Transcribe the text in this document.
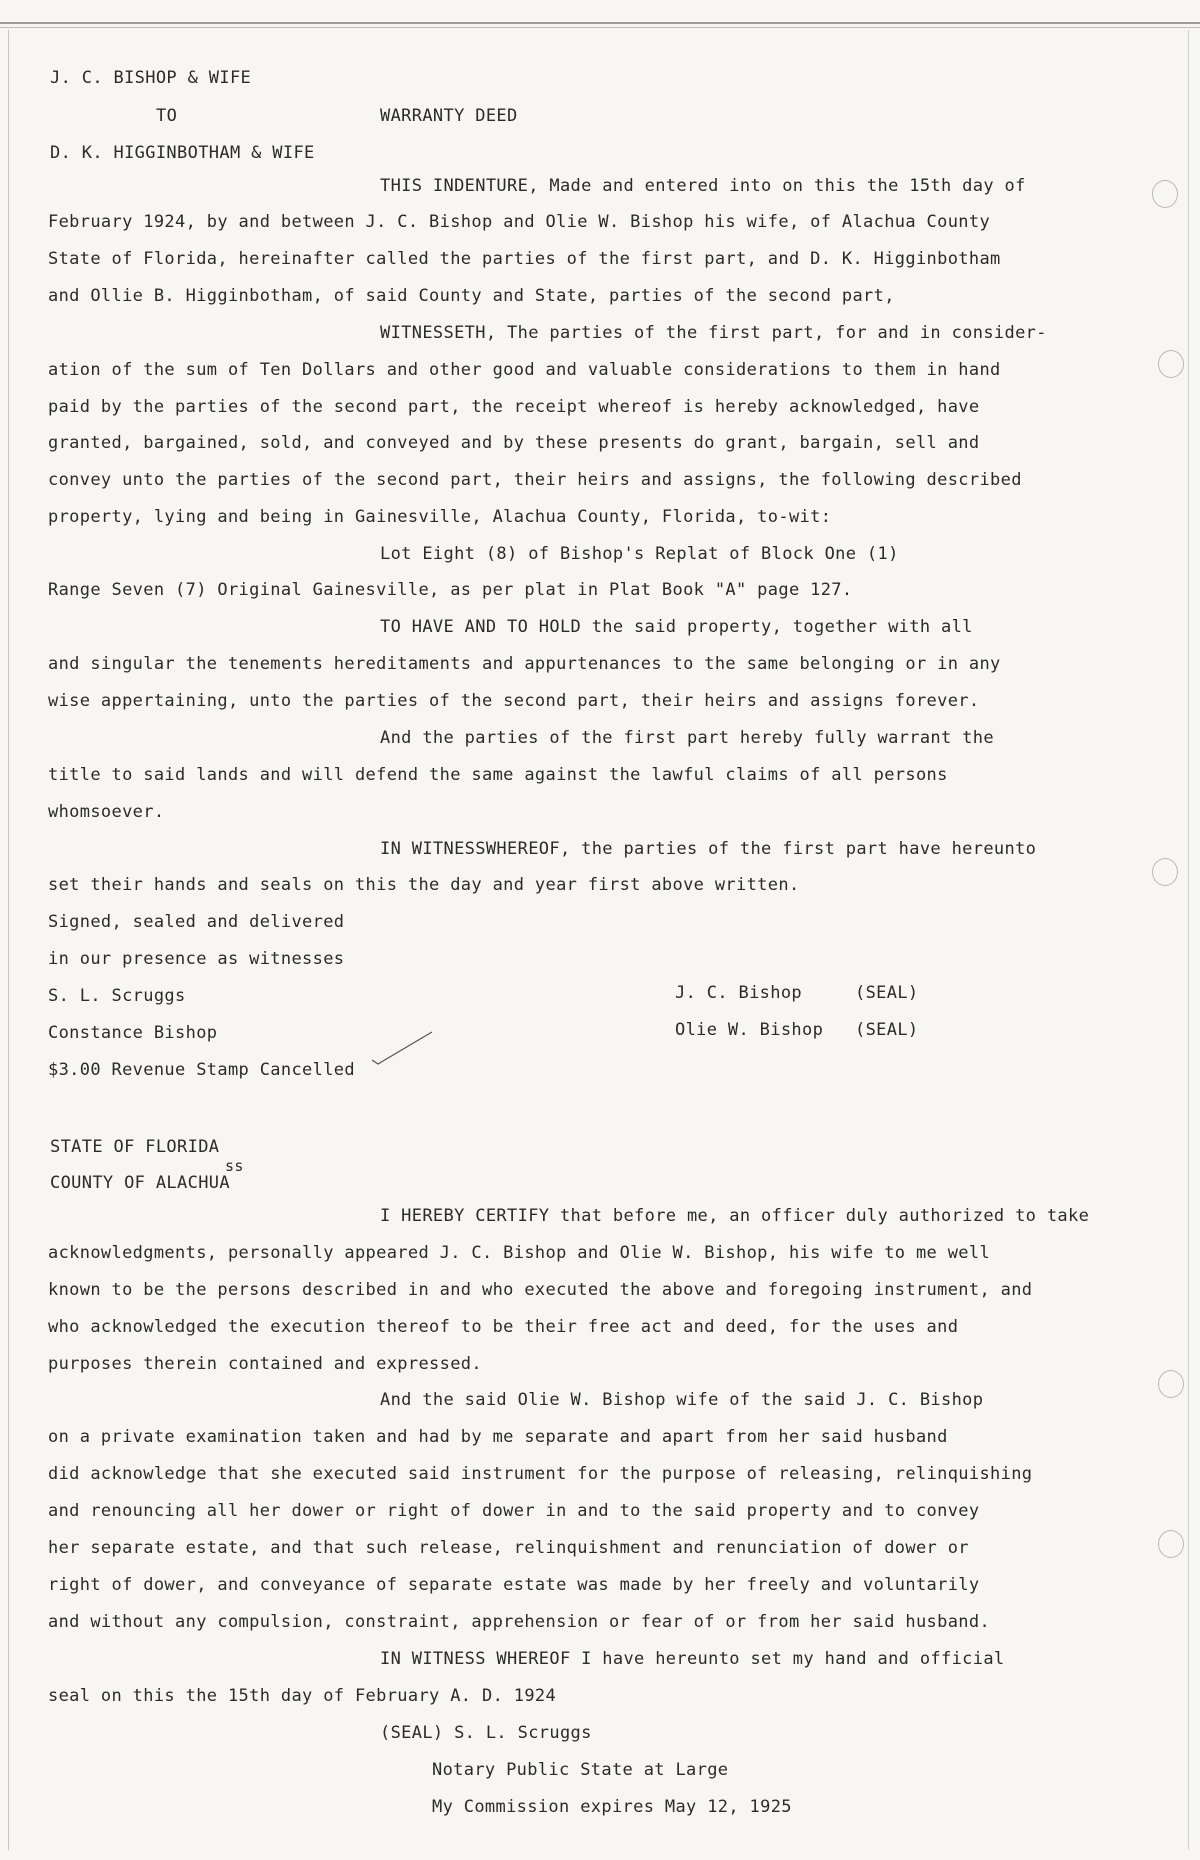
J. C. BISHOP & WIFE
TO	WARRANTY DEED
D. K. HIGGINBOTHAM & WIFE
THIS INDENTURE, Made and entered into on this the 15th day of
February 1924, by and between J. C. Bishop and Olie W. Bishop his wife, of Alachua County
State of Florida, hereinafter called the parties of the first part, and D. K. Higginbotham
and Ollie B. Higginbotham, of said County and State, parties of the second part,
WITNESSETH, The parties of the first part, for and in consider-
ation of the sum of Ten Dollars and other good and valuable considerations to them in hand
paid by the parties of the second part, the receipt whereof is hereby acknowledged, have
granted, bargained, sold, and conveyed and by these presents do grant, bargain, sell and
convey unto the parties of the second part, their heirs and assigns, the following described
property, lying and being in Gainesville, Alachua County, Florida, to-wit:
Lot Eight (8) of Bishop's Replat of Block One (1)
Range Seven (7) Original Gainesville, as per plat in Plat Book "A" page 127.
TO HAVE AND TO HOLD the said property, together with all
and singular the tenements hereditaments and appurtenances to the same belonging or in any
wise appertaining, unto the parties of the second part, their heirs and assigns forever.
And the parties of the first part hereby fully warrant the
title to said lands and will defend the same against the lawful claims of all persons
whomsoever.
IN WITNESSWHEREOF, the parties of the first part have hereunto
set their hands and seals on this the day and year first above written.
Signed, sealed and delivered
in our presence as witnesses
S. L. Scruggs
Constance Bishop
J. C. Bishop	(SEAL)
Olie W. Bishop (SEAL)
$3.00 Revenue Stamp Cancelled
STATE OF FLORIDA
ss
COUNTY OF ALACHUA
I HEREBY CERTIFY that before me, an officer duly authorized to take
acknowledgments, personally appeared J. C. Bishop and Olie W. Bishop, his wife to me well
known to be the persons described in and who executed the above and foregoing instrument, and
who acknowledged the execution thereof to be their free act and deed, for the uses and
purposes therein contained and expressed.
And the said Olie W. Bishop wife of the said J. C. Bishop
on a private examination taken and had by me separate and apart from her said husband
did acknowledge that she executed said instrument for the purpose of releasing, relinquishing
and renouncing all her dower or right of dower in and to the said property and to convey
her separate estate, and that such release, relinquishment and renunciation of dower or
right of dower, and conveyance of separate estate was made by her freely and voluntarily
and without any compulsion, constraint, apprehension or fear of or from her said husband.
IN WITNESS WHEREOF I have hereunto set my hand and official
seal on this the 15th day of February A. D. 1924
(SEAL) S. L. Scruggs
Notary Public State at Large
My Commission expires May 12, 1925
